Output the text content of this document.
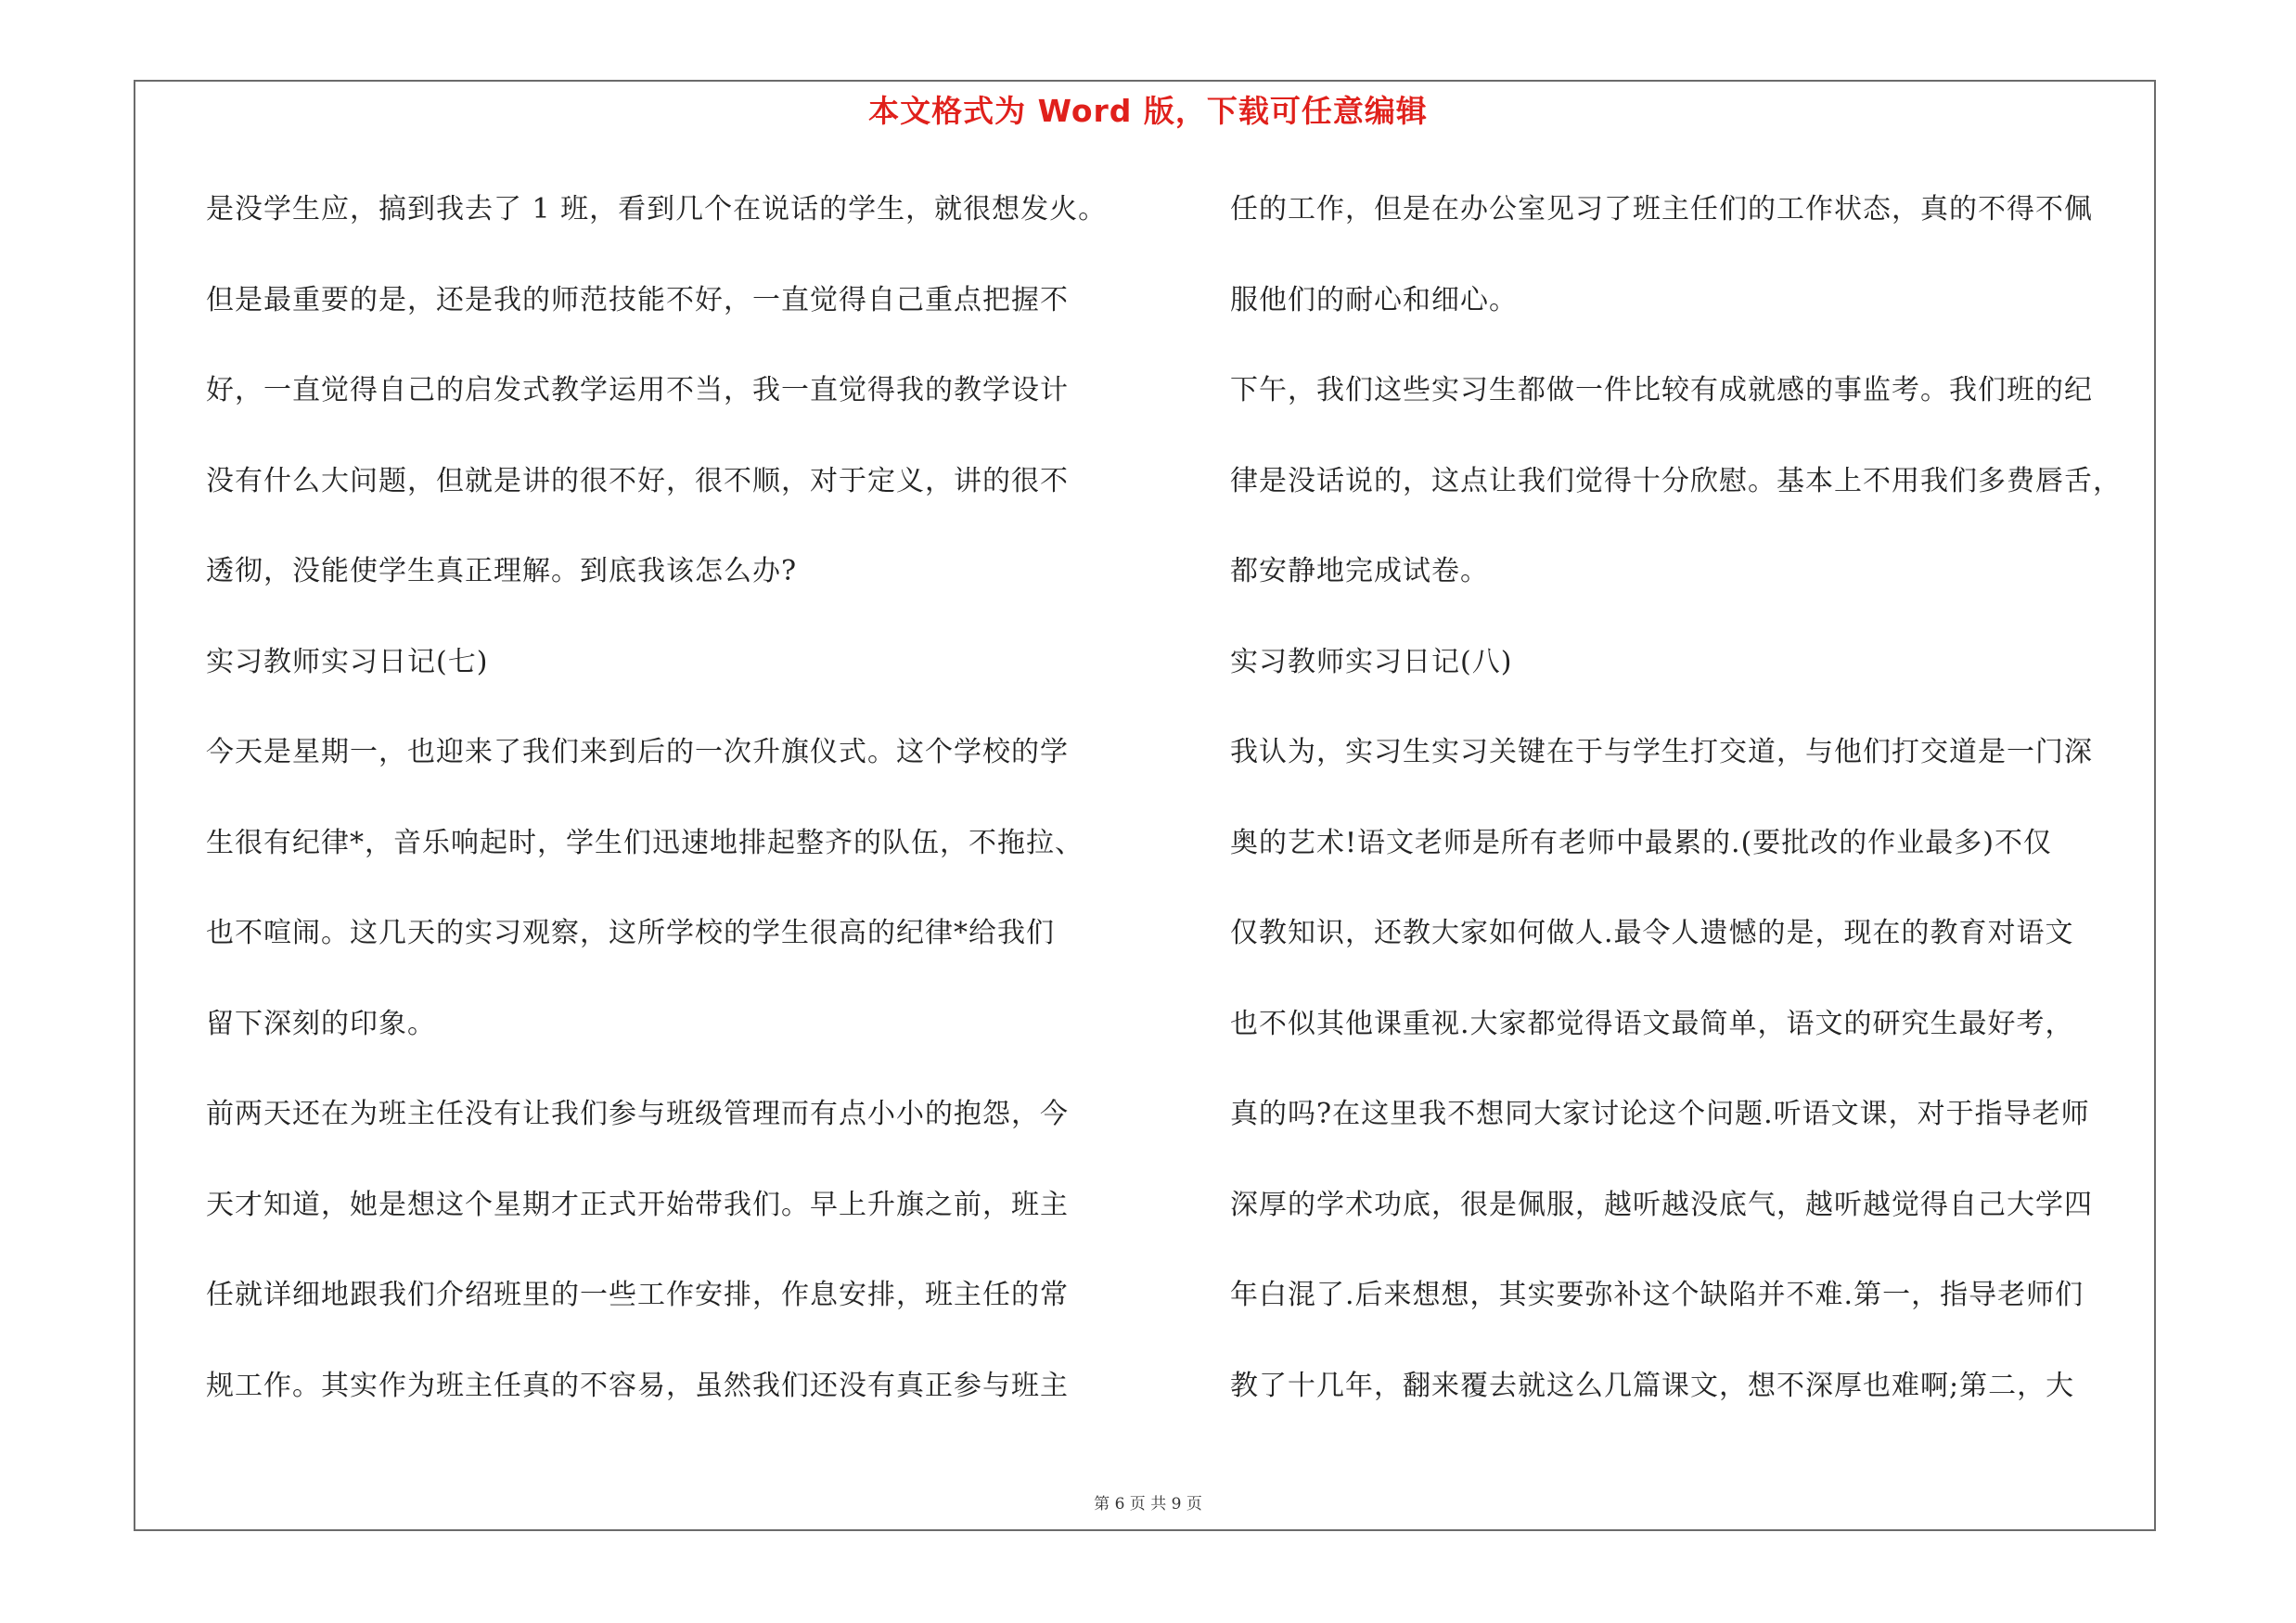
本文格式为 Word 版，下载可任意编辑
是没学生应，搞到我去了 1 班，看到几个在说话的学生，就很想发火。
但是最重要的是，还是我的师范技能不好，一直觉得自己重点把握不
好，一直觉得自己的启发式教学运用不当，我一直觉得我的教学设计
没有什么大问题，但就是讲的很不好，很不顺，对于定义，讲的很不
透彻，没能使学生真正理解。到底我该怎么办?
实习教师实习日记(七)
今天是星期一，也迎来了我们来到后的一次升旗仪式。这个学校的学
生很有纪律*，音乐响起时，学生们迅速地排起整齐的队伍，不拖拉、
也不喧闹。这几天的实习观察，这所学校的学生很高的纪律*给我们
留下深刻的印象。
前两天还在为班主任没有让我们参与班级管理而有点小小的抱怨，今
天才知道，她是想这个星期才正式开始带我们。早上升旗之前，班主
任就详细地跟我们介绍班里的一些工作安排，作息安排，班主任的常
规工作。其实作为班主任真的不容易，虽然我们还没有真正参与班主
任的工作，但是在办公室见习了班主任们的工作状态，真的不得不佩
服他们的耐心和细心。
下午，我们这些实习生都做一件比较有成就感的事监考。我们班的纪
律是没话说的，这点让我们觉得十分欣慰。基本上不用我们多费唇舌，
都安静地完成试卷。
实习教师实习日记(八)
我认为，实习生实习关键在于与学生打交道，与他们打交道是一门深
奥的艺术!语文老师是所有老师中最累的.(要批改的作业最多)不仅
仅教知识，还教大家如何做人.最令人遗憾的是，现在的教育对语文
也不似其他课重视.大家都觉得语文最简单，语文的研究生最好考，
真的吗?在这里我不想同大家讨论这个问题.听语文课，对于指导老师
深厚的学术功底，很是佩服，越听越没底气，越听越觉得自己大学四
年白混了.后来想想，其实要弥补这个缺陷并不难.第一，指导老师们
教了十几年，翻来覆去就这么几篇课文，想不深厚也难啊;第二，大
第 6 页 共 9 页
